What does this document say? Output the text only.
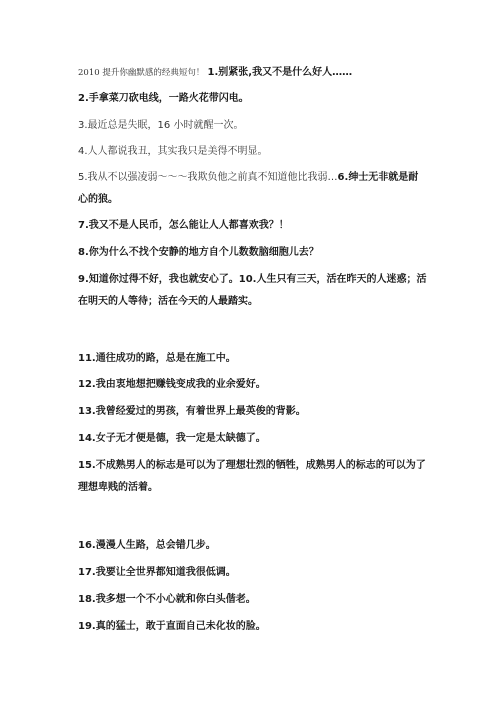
2010 提升你幽默感的经典短句！ 1.别紧张,我又不是什么好人……

2.手拿菜刀砍电线，一路火花带闪电。

3.最近总是失眠，16 小时就醒一次。

4.人人都说我丑，其实我只是美得不明显。

5.我从不以强凌弱～～～我欺负他之前真不知道他比我弱…6.绅士无非就是耐心的狼。

7.我又不是人民币，怎么能让人人都喜欢我？！

8.你为什么不找个安静的地方自个儿数数脑细胞儿去？

9.知道你过得不好，我也就安心了。10.人生只有三天，活在昨天的人迷惑；活在明天的人等待；活在今天的人最踏实。

11.通往成功的路，总是在施工中。

12.我由衷地想把赚钱变成我的业余爱好。

13.我曾经爱过的男孩，有着世界上最英俊的背影。

14.女子无才便是德，我一定是太缺德了。

15.不成熟男人的标志是可以为了理想壮烈的牺牲，成熟男人的标志的可以为了理想卑贱的活着。

16.漫漫人生路，总会错几步。

17.我要让全世界都知道我很低调。

18.我多想一个不小心就和你白头偕老。

19.真的猛士，敢于直面自己未化妆的脸。
